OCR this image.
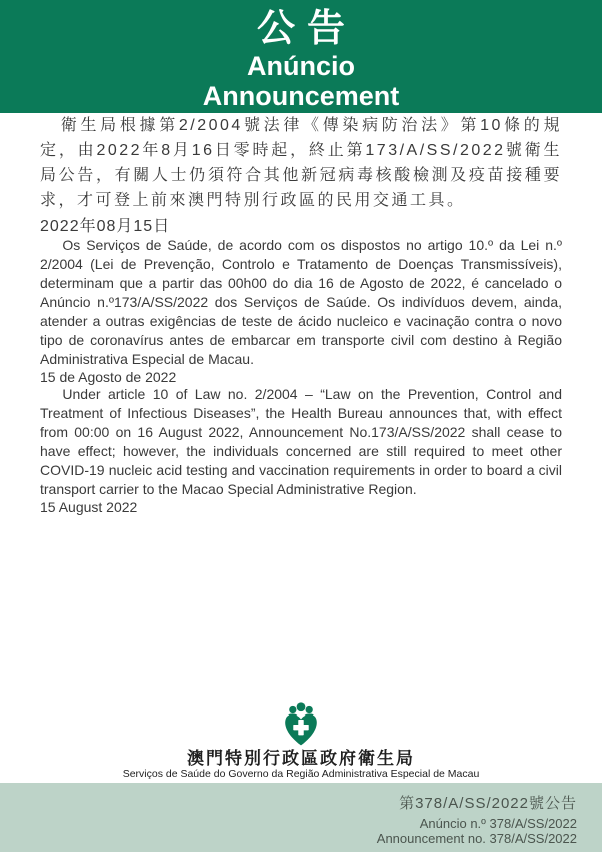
公告
Anúncio
Announcement

衛生局根據第2/2004號法律《傳染病防治法》第10條的規定，由2022年8月16日零時起，終止第173/A/SS/2022號衛生局公告，有關人士仍須符合其他新冠病毒核酸檢測及疫苗接種要求，才可登上前來澳門特別行政區的民用交通工具。

2022年08月15日

Os Serviços de Saúde, de acordo com os dispostos no artigo 10.º da Lei n.º 2/2004 (Lei de Prevenção, Controlo e Tratamento de Doenças Transmissíveis), determinam que a partir das 00h00 do dia 16 de Agosto de 2022, é cancelado o Anúncio n.º173/A/SS/2022 dos Serviços de Saúde. Os indivíduos devem, ainda, atender a outras exigências de teste de ácido nucleico e vacinação contra o novo tipo de coronavírus antes de embarcar em transporte civil com destino à Região Administrativa Especial de Macau.

15 de Agosto de 2022

Under article 10 of Law no. 2/2004 – “Law on the Prevention, Control and Treatment of Infectious Diseases”, the Health Bureau announces that, with effect from 00:00 on 16 August 2022, Announcement No.173/A/SS/2022 shall cease to have effect; however, the individuals concerned are still required to meet other COVID-19 nucleic acid testing and vaccination requirements in order to board a civil transport carrier to the Macao Special Administrative Region.

15 August 2022

澳門特別行政區政府衛生局
Serviços de Saúde do Governo da Região Administrativa Especial de Macau
第378/A/SS/2022號公告
Anúncio n.º 378/A/SS/2022
Announcement no. 378/A/SS/2022
